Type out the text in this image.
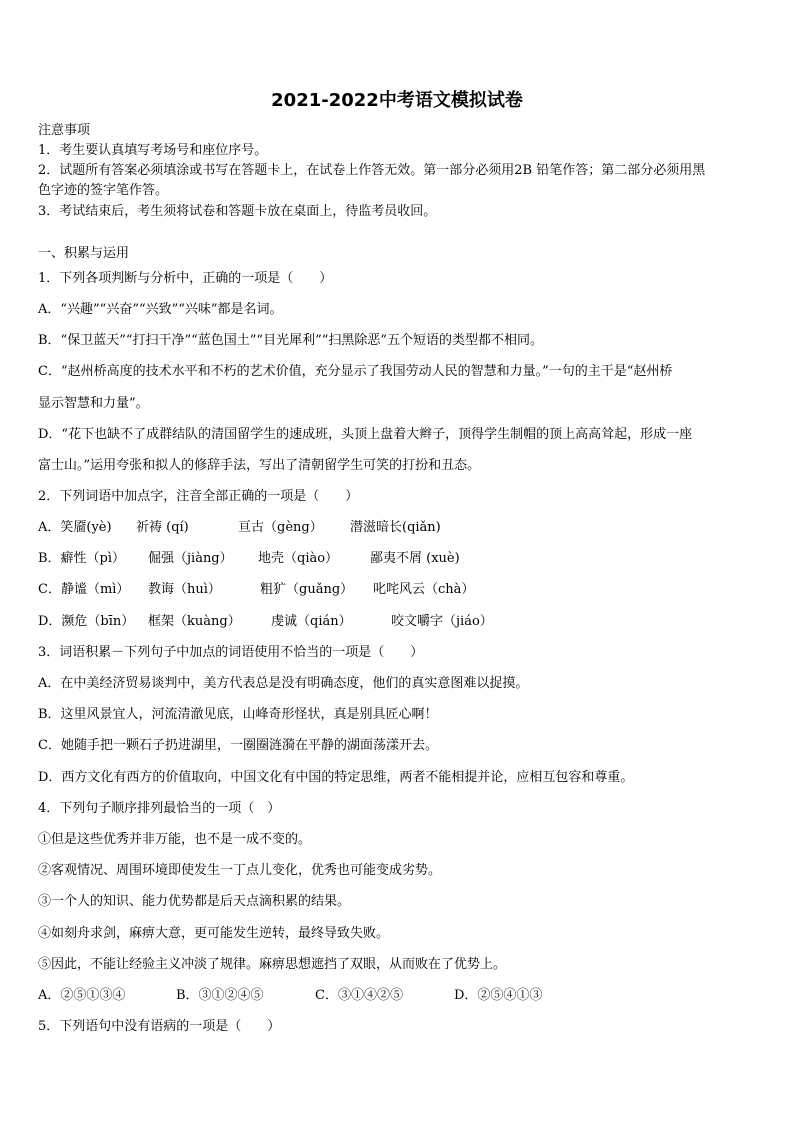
2021-2022中考语文模拟试卷
注意事项
1．考生要认真填写考场号和座位序号。
2．试题所有答案必须填涂或书写在答题卡上，在试卷上作答无效。第一部分必须用2B 铅笔作答；第二部分必须用黑
色字迹的签字笔作答。
3．考试结束后，考生须将试卷和答题卡放在桌面上，待监考员收回。
一、积累与运用
1．下列各项判断与分析中，正确的一项是（　　）
A．“兴趣”“兴奋”“兴致”“兴味”都是名词。
B．“保卫蓝天”“打扫干净”“蓝色国土”“目光犀利”“扫黑除恶”五个短语的类型都不相同。
C．“赵州桥高度的技术水平和不朽的艺术价值，充分显示了我国劳动人民的智慧和力量。”一句的主干是“赵州桥
显示智慧和力量”。
D．“花下也缺不了成群结队的清国留学生的速成班，头顶上盘着大辫子，顶得学生制帽的顶上高高耸起，形成一座
富士山。”运用夸张和拟人的修辞手法，写出了清朝留学生可笑的打扮和丑态。
2．下列词语中加点字，注音全部正确的一项是（　　）
A．笑靥(yè) 祈祷 (qí)	亘古（gèng） 潜滋暗长(qiǎn)
B．癖性（pì） 倔强（jiàng） 地壳（qiào） 鄙夷不屑 (xuè)
C．静谧（mì） 教诲（huì）	粗犷（guǎng） 叱咤风云（chà）
D．濒危（bīn） 框架（kuàng） 虔诚（qián）	咬文嚼字（jiáo）
3．词语积累－下列句子中加点的词语使用不恰当的一项是（　　）
A．在中美经济贸易谈判中，美方代表总是没有明确态度，他们的真实意图难以捉摸。
B．这里风景宜人，河流清澈见底，山峰奇形怪状，真是别具匠心啊！
C．她随手把一颗石子扔进湖里，一圈圈涟漪在平静的湖面荡漾开去。
D．西方文化有西方的价值取向，中国文化有中国的特定思维，两者不能相提并论，应相互包容和尊重。
4．下列句子顺序排列最恰当的一项（　）
①但是这些优秀并非万能，也不是一成不变的。
②客观情况、周围环境即使发生一丁点儿变化，优秀也可能变成劣势。
③一个人的知识、能力优势都是后天点滴积累的结果。
④如刻舟求剑，麻痹大意，更可能发生逆转，最终导致失败。
⑤因此，不能让经验主义冲淡了规律。麻痹思想遮挡了双眼，从而败在了优势上。
A．②⑤①③④	B．③①②④⑤	C．③①④②⑤	D．②⑤④①③
5．下列语句中没有语病的一项是（　　）
